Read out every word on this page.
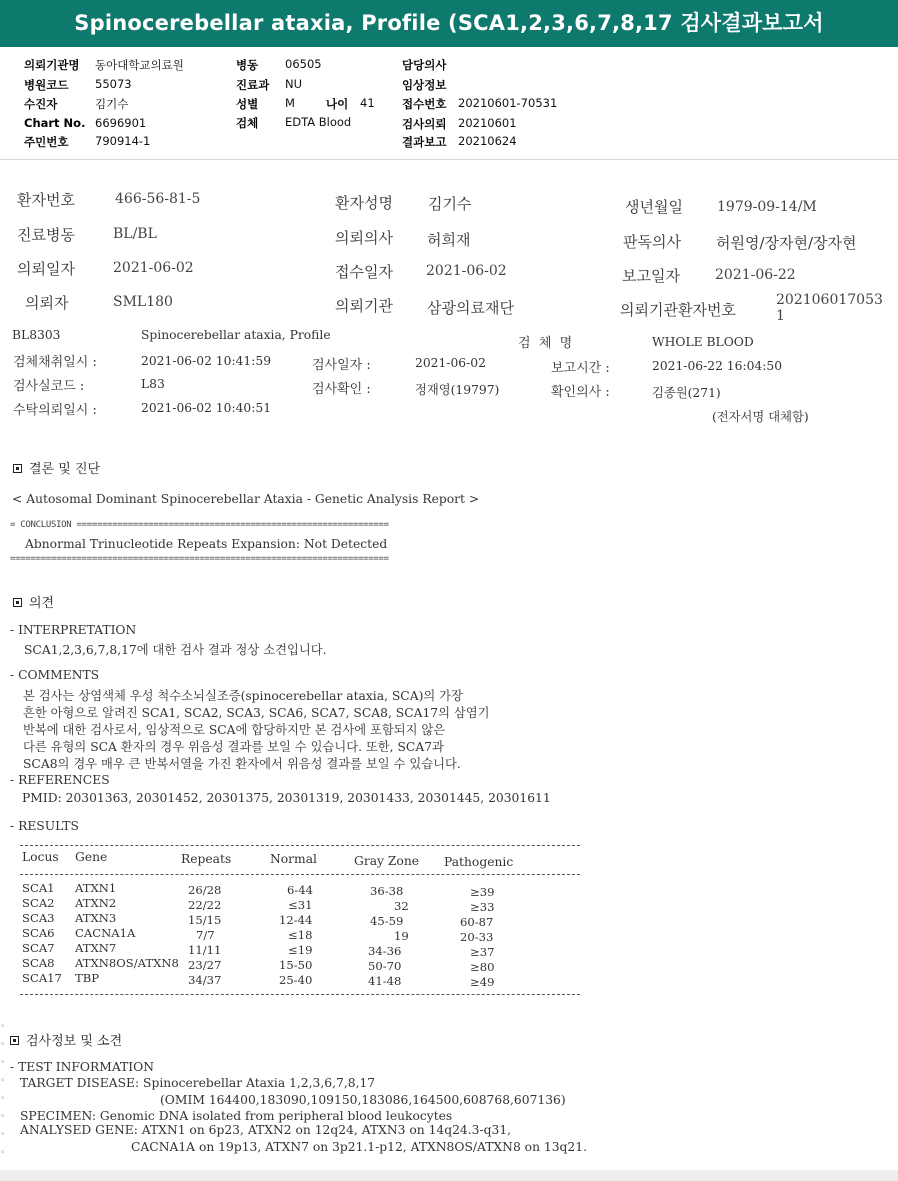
Spinocerebellar ataxia, Profile (SCA1,2,3,6,7,8,17 검사결과보고서
의뢰기관명 동아대학교의료원
병원코드 55073
수진자	김기수
Chart No. 6696901
주민번호 790914-1
병동 06505
진료과 NU
성별 M	나이 41
검체 EDTA Blood
담당의사
임상정보
접수번호 20210601-70531
검사의뢰 20210601
결과보고 20210624
환자번호	466-56-81-5	환자성명 김기수	생년월일 1979-09-14/M
진료병동	BL/BL	의뢰의사 허희재	판독의사 허원영/장자현/장자현
의뢰일자	2021-06-02	접수일자 2021-06-02	보고일자	2021-06-22
의뢰자	SML180	의뢰기관 삼광의료재단	의뢰기관환자번호
202106017053
1
BL8303	Spinocerebellar ataxia, Profile
검  체  명	WHOLE BLOOD
검체채취일시 :	2021-06-02 10:41:59	검사일자 :	2021-06-02	보고시간 :	2021-06-22 16:04:50
검사실코드 :	L83	검사확인 :	정재영(19797)	확인의사 :	김종원(271)
수탁의뢰일시 :	2021-06-02 10:40:51
(전자서명 대체함)
결론 및 진단
< Autosomal Dominant Spinocerebellar Ataxia - Genetic Analysis Report >
= CONCLUSION =============================================================
Abnormal Trinucleotide Repeats Expansion: Not Detected
==========================================================================
의견
- INTERPRETATION
SCA1,2,3,6,7,8,17에 대한 검사 결과 정상 소견입니다.
- COMMENTS
본 검사는 상염색체 우성 척수소뇌실조증(spinocerebellar ataxia, SCA)의 가장
흔한 아형으로 알려진 SCA1, SCA2, SCA3, SCA6, SCA7, SCA8, SCA17의 삼염기
반복에 대한 검사로서, 임상적으로 SCA에 합당하지만 본 검사에 포함되지 않은
다른 유형의 SCA 환자의 경우 위음성 결과를 보일 수 있습니다. 또한, SCA7과
SCA8의 경우 매우 큰 반복서열을 가진 환자에서 위음성 결과를 보일 수 있습니다.
- REFERENCES
PMID: 20301363, 20301452, 20301375, 20301319, 20301433, 20301445, 20301611
- RESULTS
Locus Gene	Repeats	Normal	Gray Zone Pathogenic
SCA1 ATXN1	26/28	6-44	36-38	≥39
SCA2 ATXN2	22/22	≤31	32	≥33
SCA3 ATXN3	15/15	12-44	45-59	60-87
SCA6 CACNA1A	7/7	≤18	19	20-33
SCA7 ATXN7	11/11	≤19	34-36	≥37
SCA8 ATXN8OS/ATXN8 23/27	15-50	50-70	≥80
SCA17 TBP	34/37	25-40	41-48	≥49
검사정보 및 소견
- TEST INFORMATION
TARGET DISEASE: Spinocerebellar Ataxia 1,2,3,6,7,8,17
(OMIM 164400,183090,109150,183086,164500,608768,607136)
SPECIMEN: Genomic DNA isolated from peripheral blood leukocytes
ANALYSED GENE: ATXN1 on 6p23, ATXN2 on 12q24, ATXN3 on 14q24.3-q31,
CACNA1A on 19p13, ATXN7 on 3p21.1-p12, ATXN8OS/ATXN8 on 13q21.
◦
◦
◦
◦
◦
◦
◦
◦
